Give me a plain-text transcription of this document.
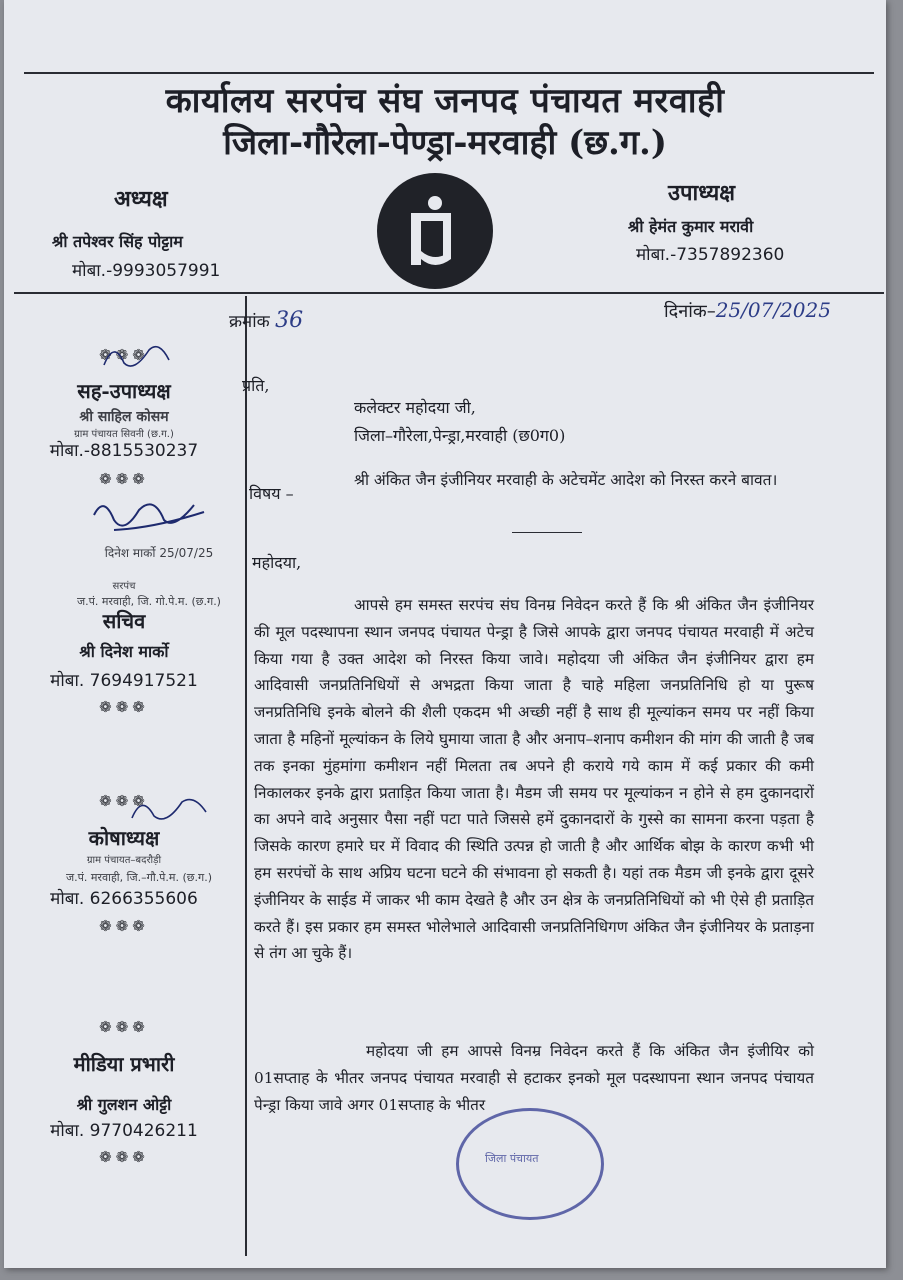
कार्यालय सरपंच संघ जनपद पंचायत मरवाही
जिला-गौरेला-पेण्ड्रा-मरवाही (छ.ग.)
अध्यक्ष
श्री तपेश्वर सिंह पोट्टाम
मोबा.-9993057991
उपाध्यक्ष
श्री हेमंत कुमार मरावी
मोबा.-7357892360
क्रमांक 36	दिनांक–25/07/2025
प्रति,
कलेक्टर महोदया जी,
जिला–गौरेला,पेन्ड्रा,मरवाही (छ0ग0)
विषय –
श्री अंकित जैन इंजीनियर मरवाही के अटेचमेंट आदेश को निरस्त करने बावत।
महोदया,
आपसे हम समस्त सरपंच संघ विनम्र निवेदन करते हैं कि श्री अंकित जैन इंजीनियर की मूल पदस्थापना स्थान जनपद पंचायत पेन्ड्रा है जिसे आपके द्वारा जनपद पंचायत मरवाही में अटेच किया गया है उक्त आदेश को निरस्त किया जावे। महोदया जी अंकित जैन इंजीनियर द्वारा हम आदिवासी जनप्रतिनिधियों से अभद्रता किया जाता है चाहे महिला जनप्रतिनिधि हो या पुरूष जनप्रतिनिधि इनके बोलने की शैली एकदम भी अच्छी नहीं है साथ ही मूल्यांकन समय पर नहीं किया जाता है महिनों मूल्यांकन के लिये घुमाया जाता है और अनाप–शनाप कमीशन की मांग की जाती है जब तक इनका मुंहमांगा कमीशन नहीं मिलता तब अपने ही कराये गये काम में कई प्रकार की कमी निकालकर इनके द्वारा प्रताड़ित किया जाता है। मैडम जी समय पर मूल्यांकन न होने से हम दुकानदारों का अपने वादे अनुसार पैसा नहीं पटा पाते जिससे हमें दुकानदारों के गुस्से का सामना करना पड़ता है जिसके कारण हमारे घर में विवाद की स्थिति उत्पन्न हो जाती है और आर्थिक बोझ के कारण कभी भी हम सरपंचों के साथ अप्रिय घटना घटने की संभावना हो सकती है। यहां तक मैडम जी इनके द्वारा दूसरे इंजीनियर के साईड में जाकर भी काम देखते है और उन क्षेत्र के जनप्रतिनिधियों को भी ऐसे ही प्रताड़ित करते हैं। इस प्रकार हम समस्त भोलेभाले आदिवासी जनप्रतिनिधिगण अंकित जैन इंजीनियर के प्रताड़ना से तंग आ चुके हैं।
महोदया जी हम आपसे विनम्र निवेदन करते हैं कि अंकित जैन इंजीयिर को 01सप्ताह के भीतर जनपद पंचायत मरवाही से हटाकर इनको मूल पदस्थापना स्थान जनपद पंचायत पेन्ड्रा किया जावे अगर 01सप्ताह के भीतर
जिला पंचायत
❁❁❁
सह-उपाध्यक्ष
श्री साहिल कोसम
ग्राम पंचायत सिवनी (छ.ग.)
मोबा.-8815530237
❁❁❁
दिनेश मार्को 25/07/25
सरपंच
ज.पं. मरवाही, जि. गो.पे.म. (छ.ग.)
सचिव
श्री दिनेश मार्को
मोबा. 7694917521
❁❁❁
❁❁❁
कोषाध्यक्ष
ग्राम पंचायत–बदरौड़ी
ज.पं. मरवाही, जि.–गौ.पे.म. (छ.ग.)
मोबा. 6266355606
❁❁❁
❁❁❁
मीडिया प्रभारी
श्री गुलशन ओट्टी
मोबा. 9770426211
❁❁❁
